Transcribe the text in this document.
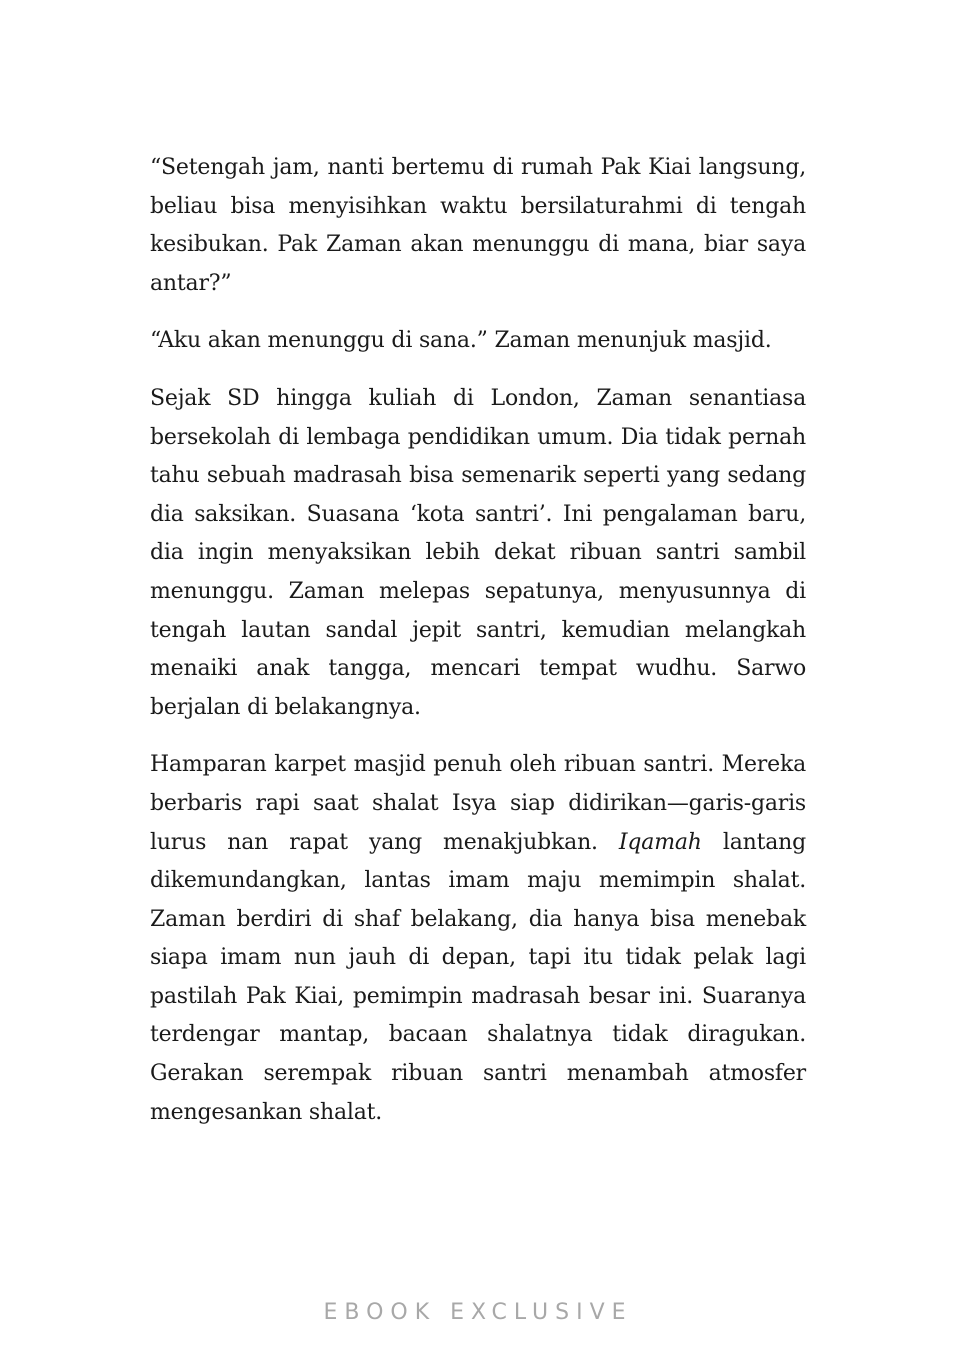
“Setengah jam, nanti bertemu di rumah Pak Kiai langsung, beliau bisa menyisihkan waktu bersilaturahmi di tengah kesibukan. Pak Zaman akan menunggu di mana, biar saya antar?”

“Aku akan menunggu di sana.” Zaman menunjuk masjid.

Sejak SD hingga kuliah di London, Zaman senantiasa bersekolah di lembaga pendidikan umum. Dia tidak pernah tahu sebuah madrasah bisa semenarik seperti yang sedang dia saksikan. Suasana ‘kota santri’. Ini pengalaman baru, dia ingin menyaksikan lebih dekat ribuan santri sambil menunggu. Zaman melepas sepatunya, menyusunnya di tengah lautan sandal jepit santri, kemudian melangkah menaiki anak tangga, mencari tempat wudhu. Sarwo berjalan di belakangnya.

Hamparan karpet masjid penuh oleh ribuan santri. Mereka berbaris rapi saat shalat Isya siap didirikan—garis-garis lurus nan rapat yang menakjubkan. Iqamah lantang dikemundangkan, lantas imam maju memimpin shalat. Zaman berdiri di shaf belakang, dia hanya bisa menebak siapa imam nun jauh di depan, tapi itu tidak pelak lagi pastilah Pak Kiai, pemimpin madrasah besar ini. Suaranya terdengar mantap, bacaan shalatnya tidak diragukan. Gerakan serempak ribuan santri menambah atmosfer mengesankan shalat.

EBOOK EXCLUSIVE
